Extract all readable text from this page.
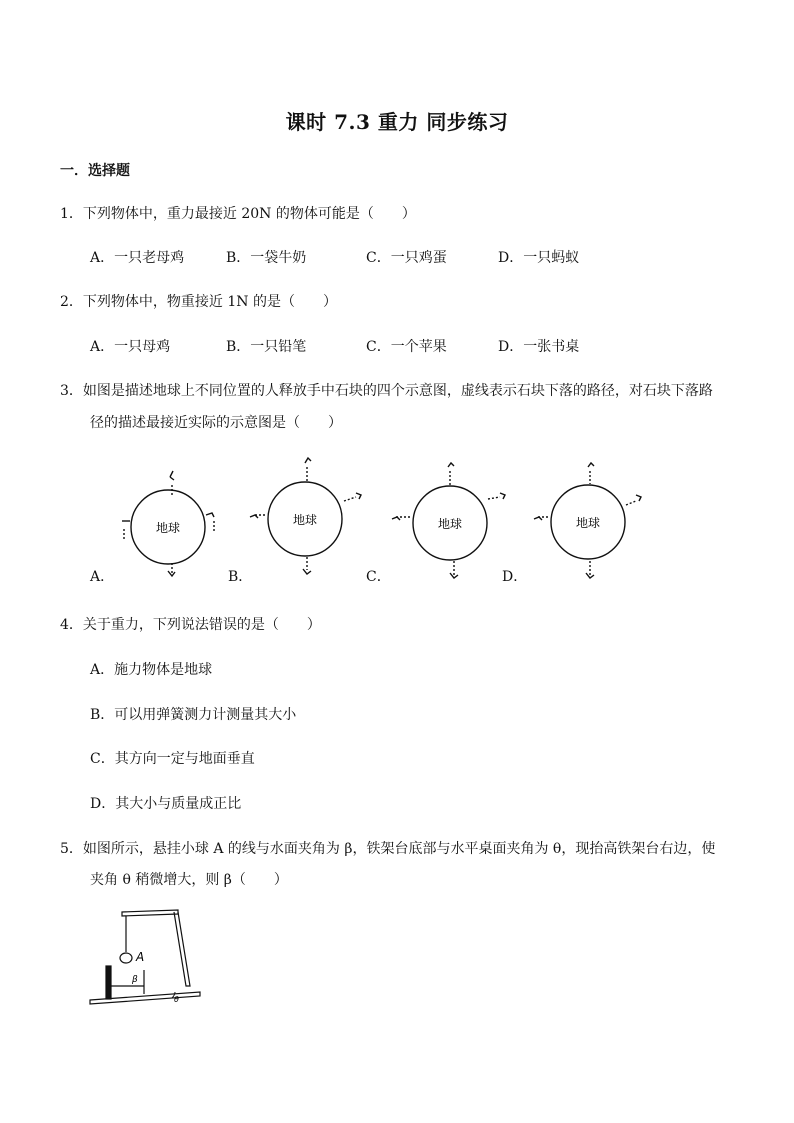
课时 7.3 重力 同步练习
一．选择题
1．下列物体中，重力最接近 20N 的物体可能是（　　）
A．一只老母鸡	B．一袋牛奶	C．一只鸡蛋	D．一只蚂蚁
2．下列物体中，物重接近 1N 的是（　　）
A．一只母鸡	B．一只铅笔	C．一个苹果	D．一张书桌
3．如图是描述地球上不同位置的人释放手中石块的四个示意图，虚线表示石块下落的路径，对石块下落路
径的描述最接近实际的示意图是（　　）
地球
地球	地球	地球
A．	B．	C．	D．
4．关于重力，下列说法错误的是（　　）
A．施力物体是地球
B．可以用弹簧测力计测量其大小
C．其方向一定与地面垂直
D．其大小与质量成正比
5．如图所示，悬挂小球 A 的线与水面夹角为 β，铁架台底部与水平桌面夹角为 θ，现抬高铁架台右边，使
夹角 θ 稍微增大，则 β（　　）
A
β
θ
